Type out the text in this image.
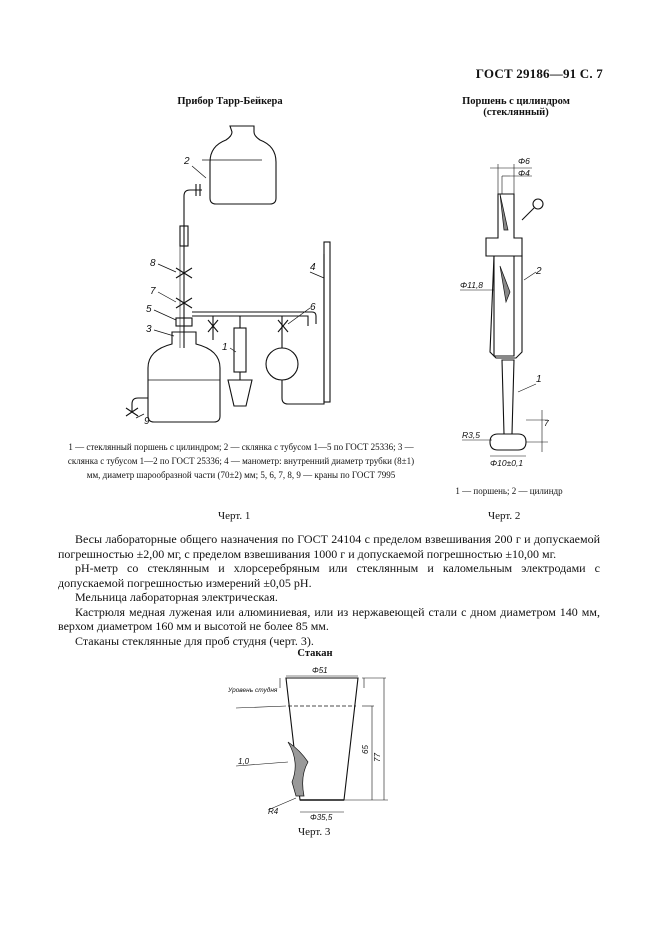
ГОСТ 29186—91 С. 7
Прибор Тарр-Бейкера
2
8
7
5
3
4
6
1
9
1 — стеклянный поршень с цилиндром; 2 — склянка с тубусом 1—5 по ГОСТ 25336; 3 — склянка с тубусом 1—2 по ГОСТ 25336; 4 — манометр: внутренний диаметр трубки (8±1) мм, диаметр шарообразной части (70±2) мм; 5, 6, 7, 8, 9 — краны по ГОСТ 7995
Черт. 1
Поршень с цилиндром (стеклянный)
Φ6
Φ4
Φ11,8
R3,5
Φ10±0,1
7
2
1
1 — поршень; 2 — цилиндр
Черт. 2

Весы лабораторные общего назначения по ГОСТ 24104 с пределом взвешивания 200 г и допускаемой погрешностью ±2,00 мг, с пределом взвешивания 1000 г и допускаемой погрешностью ±10,00 мг.

pH-метр со стеклянным и хлорсеребряным или стеклянным и каломельным электродами с допускаемой погрешностью измерений ±0,05 pH.

Мельница лабораторная электрическая.

Кастрюля медная луженая или алюминиевая, или из нержавеющей стали с дном диаметром 140 мм, верхом диаметром 160 мм и высотой не более 85 мм.

Стаканы стеклянные для проб студня (черт. 3).

Стакан
Φ51
Уровень студня
1,0
65
77
R4
Φ35,5
Черт. 3
